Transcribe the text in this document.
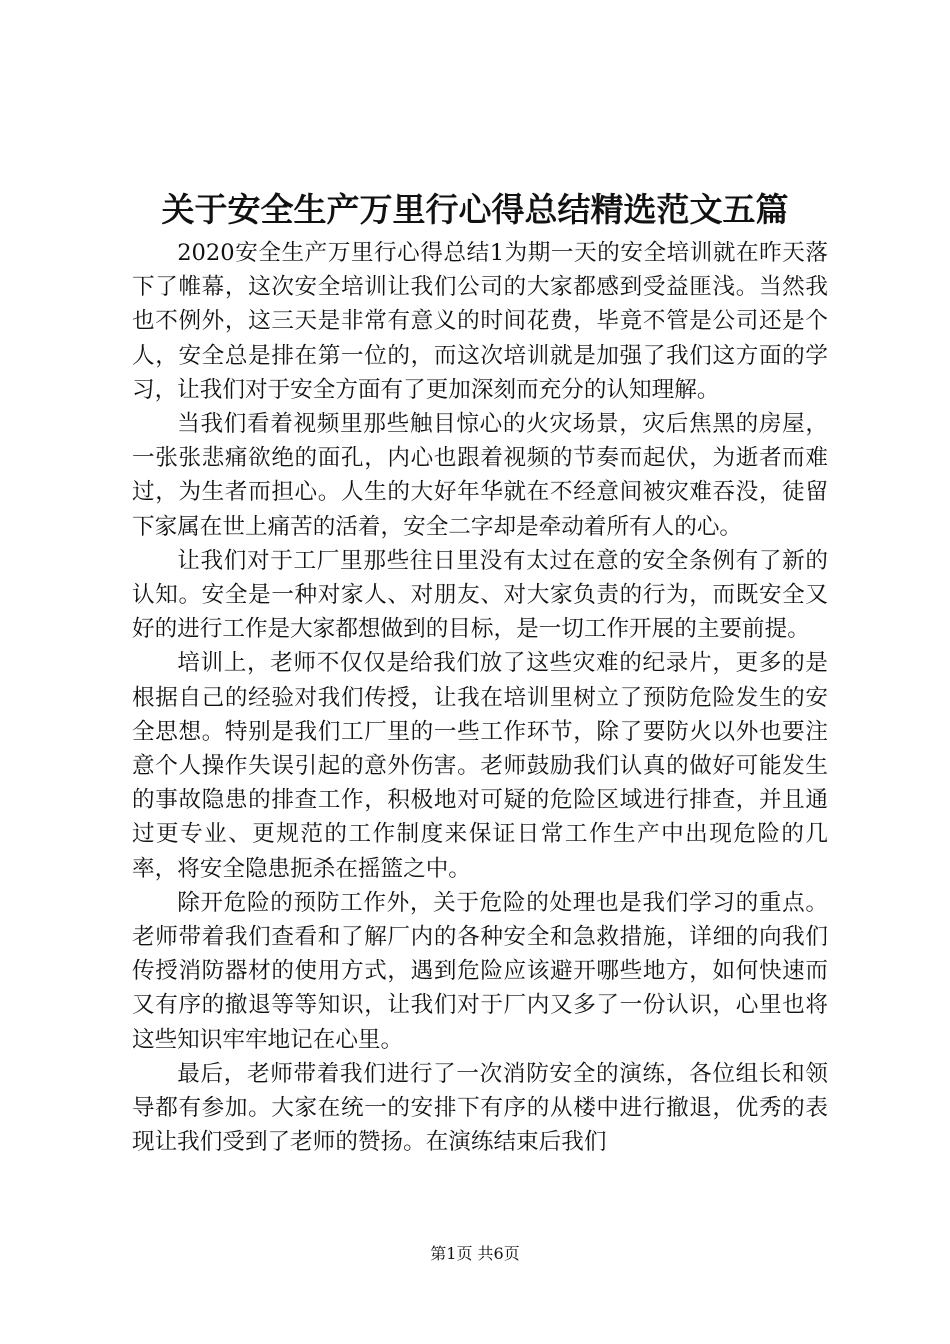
关于安全生产万里行心得总结精选范文五篇

2020安全生产万里行心得总结1为期一天的安全培训就在昨天落下了帷幕，这次安全培训让我们公司的大家都感到受益匪浅。当然我也不例外，这三天是非常有意义的时间花费，毕竟不管是公司还是个人，安全总是排在第一位的，而这次培训就是加强了我们这方面的学习，让我们对于安全方面有了更加深刻而充分的认知理解。

当我们看着视频里那些触目惊心的火灾场景，灾后焦黑的房屋，一张张悲痛欲绝的面孔，内心也跟着视频的节奏而起伏，为逝者而难过，为生者而担心。人生的大好年华就在不经意间被灾难吞没，徒留下家属在世上痛苦的活着，安全二字却是牵动着所有人的心。

让我们对于工厂里那些往日里没有太过在意的安全条例有了新的认知。安全是一种对家人、对朋友、对大家负责的行为，而既安全又好的进行工作是大家都想做到的目标，是一切工作开展的主要前提。

培训上，老师不仅仅是给我们放了这些灾难的纪录片，更多的是根据自己的经验对我们传授，让我在培训里树立了预防危险发生的安全思想。特别是我们工厂里的一些工作环节，除了要防火以外也要注意个人操作失误引起的意外伤害。老师鼓励我们认真的做好可能发生的事故隐患的排查工作，积极地对可疑的危险区域进行排查，并且通过更专业、更规范的工作制度来保证日常工作生产中出现危险的几率，将安全隐患扼杀在摇篮之中。

除开危险的预防工作外，关于危险的处理也是我们学习的重点。老师带着我们查看和了解厂内的各种安全和急救措施，详细的向我们传授消防器材的使用方式，遇到危险应该避开哪些地方，如何快速而又有序的撤退等等知识，让我们对于厂内又多了一份认识，心里也将这些知识牢牢地记在心里。

最后，老师带着我们进行了一次消防安全的演练，各位组长和领导都有参加。大家在统一的安排下有序的从楼中进行撤退，优秀的表现让我们受到了老师的赞扬。在演练结束后我们

第1页 共6页
